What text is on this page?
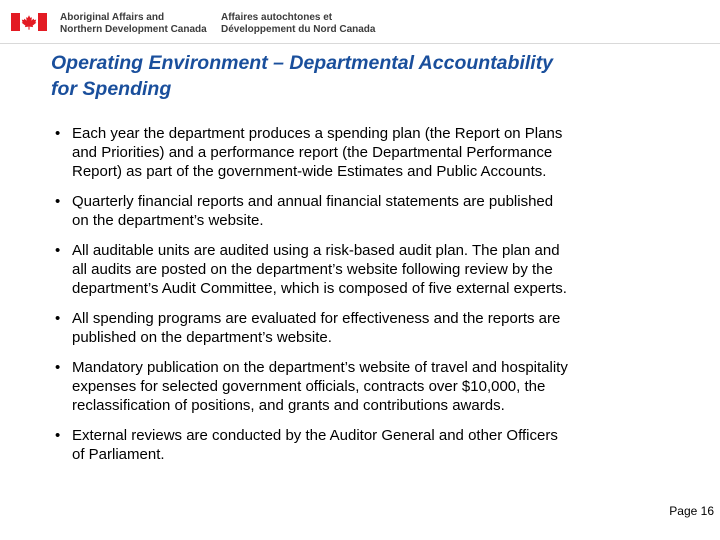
Aboriginal Affairs and
Northern Development Canada
Affaires autochtones et
Développement du Nord Canada
Operating Environment – Departmental Accountability
for Spending
• Each year the department produces a spending plan (the Report on Plans
and Priorities) and a performance report (the Departmental Performance
Report) as part of the government-wide Estimates and Public Accounts.
• Quarterly financial reports and annual financial statements are published
on the department’s website.
• All auditable units are audited using a risk-based audit plan. The plan and
all audits are posted on the department’s website following review by the
department’s Audit Committee, which is composed of five external experts.
• All spending programs are evaluated for effectiveness and the reports are
published on the department’s website.
• Mandatory publication on the department’s website of travel and hospitality
expenses for selected government officials, contracts over $10,000, the
reclassification of positions, and grants and contributions awards.
• External reviews are conducted by the Auditor General and other Officers
of Parliament.
Page 16
